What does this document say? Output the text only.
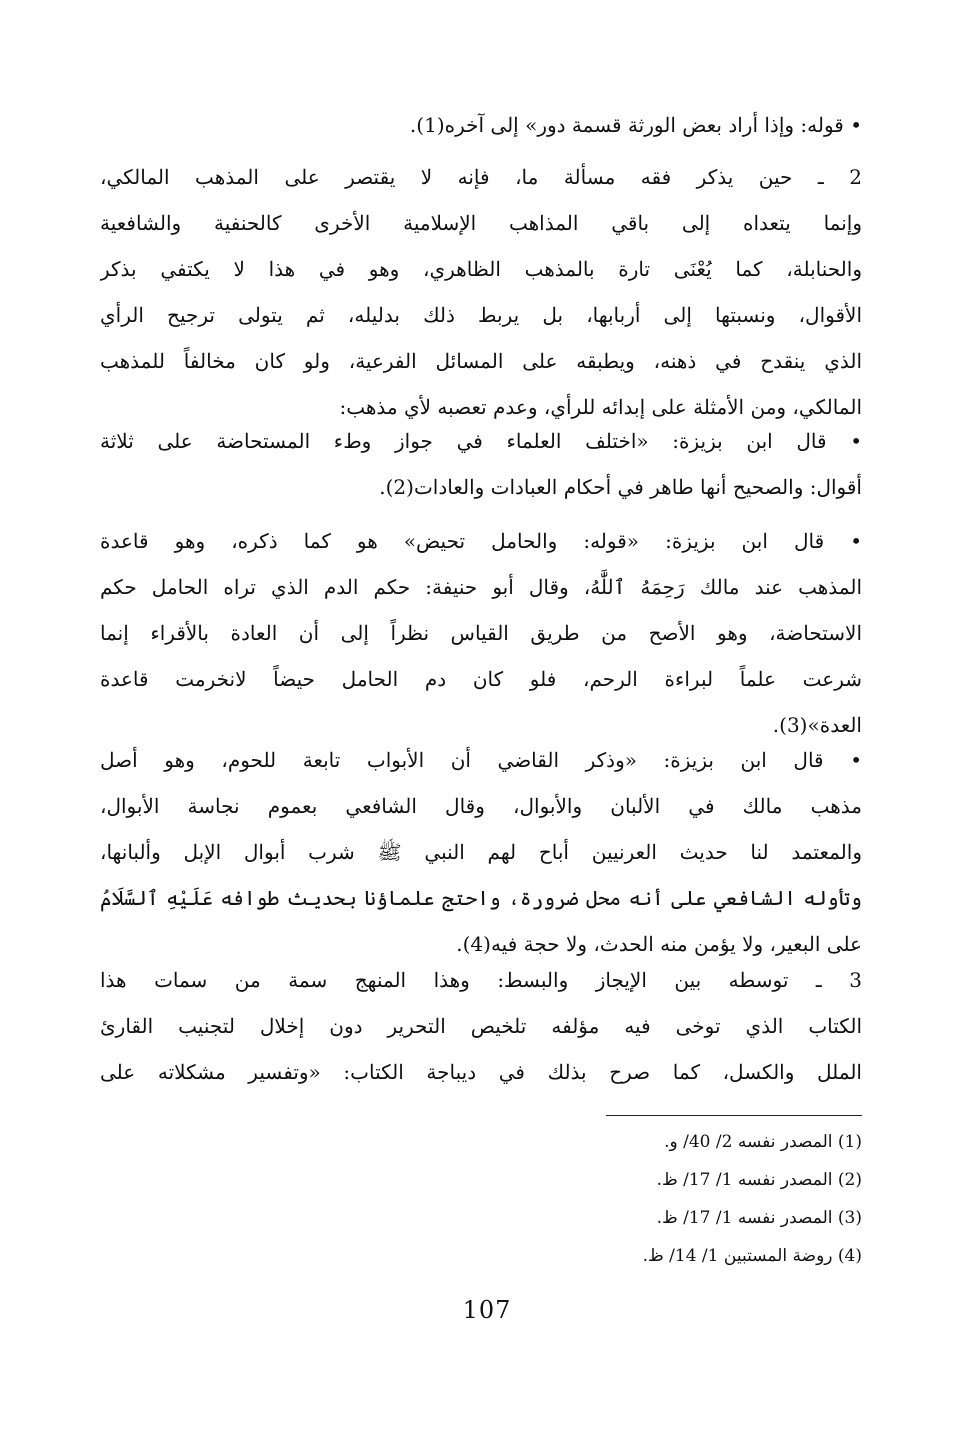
• قوله: وإذا أراد بعض الورثة قسمة دور» إلى آخره(1).
2 ـ حين يذكر فقه مسألة ما، فإنه لا يقتصر على المذهب المالكي،
وإنما يتعداه إلى باقي المذاهب الإسلامية الأخرى كالحنفية والشافعية
والحنابلة، كما يُعْنَى تارة بالمذهب الظاهري، وهو في هذا لا يكتفي بذكر
الأقوال، ونسبتها إلى أربابها، بل يربط ذلك بدليله، ثم يتولى ترجيح الرأي
الذي ينقدح في ذهنه، ويطبقه على المسائل الفرعية، ولو كان مخالفاً للمذهب
المالكي، ومن الأمثلة على إبدائه للرأي، وعدم تعصبه لأي مذهب:
• قال ابن بزيزة: «اختلف العلماء في جواز وطء المستحاضة على ثلاثة
أقوال: والصحيح أنها طاهر في أحكام العبادات والعادات(2).
• قال ابن بزيزة: «قوله: والحامل تحيض» هو كما ذكره، وهو قاعدة
المذهب عند مالك رَحِمَهُ ٱللَّٰهُ، وقال أبو حنيفة: حكم الدم الذي تراه الحامل حكم
الاستحاضة، وهو الأصح من طريق القياس نظراً إلى أن العادة بالأقراء إنما
شرعت علماً لبراءة الرحم، فلو كان دم الحامل حيضاً لانخرمت قاعدة
العدة»(3).
• قال ابن بزيزة: «وذكر القاضي أن الأبواب تابعة للحوم، وهو أصل
مذهب مالك في الألبان والأبوال، وقال الشافعي بعموم نجاسة الأبوال،
والمعتمد لنا حديث العرنيين أباح لهم النبي ﷺ شرب أبوال الإبل وألبانها،
وتأوله الشافعي على أنه محل ضرورة، واحتج علماؤنا بحديث طوافه عَلَيْهِ ٱلسَّلَامُ
على البعير، ولا يؤمن منه الحدث، ولا حجة فيه(4).
3 ـ توسطه بين الإيجاز والبسط: وهذا المنهج سمة من سمات هذا
الكتاب الذي توخى فيه مؤلفه تلخيص التحرير دون إخلال لتجنيب القارئ
الملل والكسل، كما صرح بذلك في ديباجة الكتاب: «وتفسير مشكلاته على
(1) المصدر نفسه 2/ 40/ و.
(2) المصدر نفسه 1/ 17/ ظ.
(3) المصدر نفسه 1/ 17/ ظ.
(4) روضة المستبين 1/ 14/ ظ.
107
